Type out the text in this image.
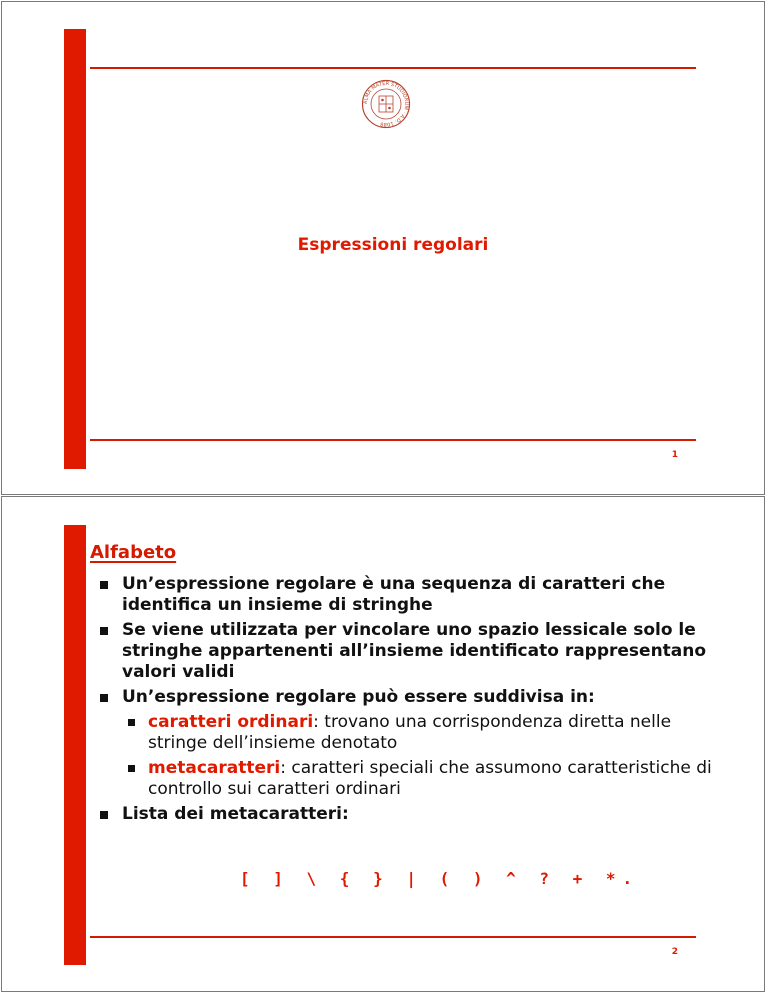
ALMA MATER STUDIORUM · A.D. 1088
Espressioni regolari
1
Alfabeto
Un’espressione regolare è una sequenza di caratteri che identifica un insieme di stringhe
Se viene utilizzata per vincolare uno spazio lessicale solo le stringhe appartenenti all’insieme identificato rappresentano valori validi
Un’espressione regolare può essere suddivisa in:
caratteri ordinari: trovano una corrispondenza diretta nelle stringe dell’insieme denotato
metacaratteri: caratteri speciali che assumono caratteristiche di controllo sui caratteri ordinari
Lista dei metacaratteri:
[ ] \ { } | ( ) ^ ? + *.
2
